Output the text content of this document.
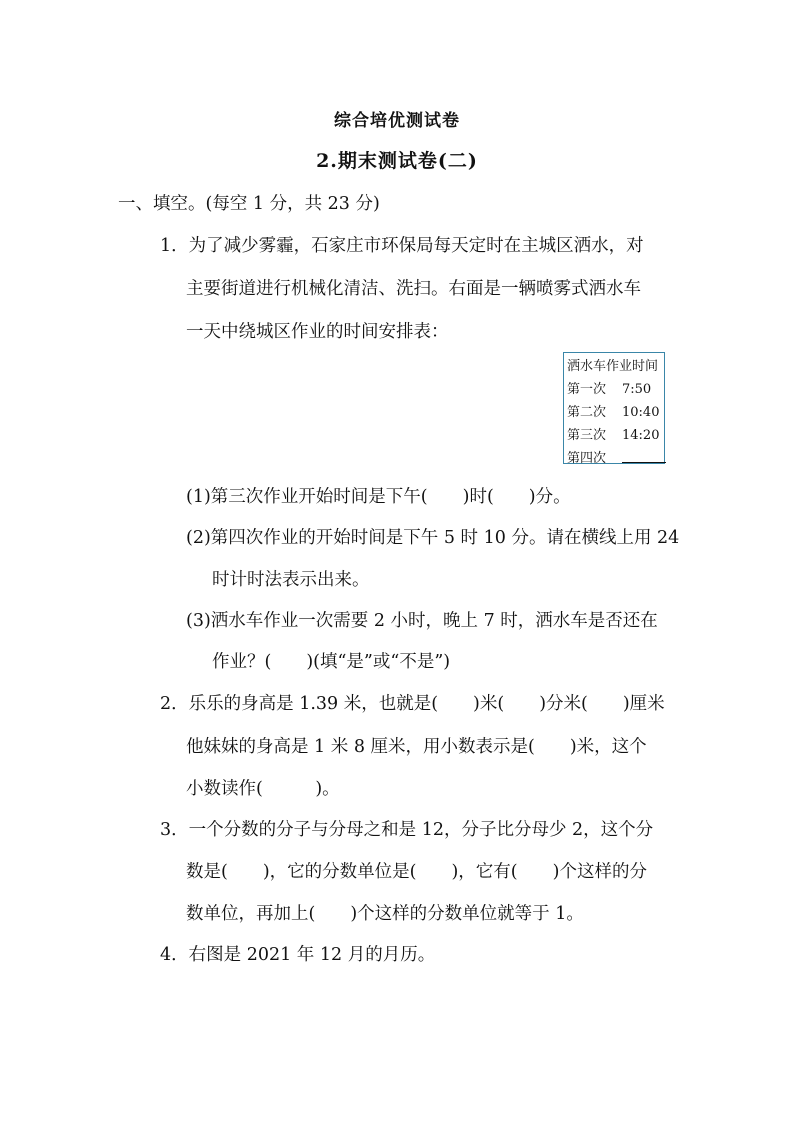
综合培优测试卷
2.期末测试卷(二)
一、填空。(每空 1 分，共 23 分)
1．为了减少雾霾，石家庄市环保局每天定时在主城区洒水，对
主要街道进行机械化清洁、洗扫。右面是一辆喷雾式洒水车
一天中绕城区作业的时间安排表：
洒水车作业时间
第一次 7:50
第二次 10:40
第三次 14:20
第四次
(1)第三次作业开始时间是下午(　　)时(　　)分。
(2)第四次作业的开始时间是下午 5 时 10 分。请在横线上用 24
时计时法表示出来。
(3)洒水车作业一次需要 2 小时，晚上 7 时，洒水车是否还在
作业？(　　)(填“是”或“不是”)
2．乐乐的身高是 1.39 米，也就是(　　)米(　　)分米(　　)厘米
他妹妹的身高是 1 米 8 厘米，用小数表示是(　　)米，这个
小数读作(　　　)。
3．一个分数的分子与分母之和是 12，分子比分母少 2，这个分
数是(　　)，它的分数单位是(　　)，它有(　　)个这样的分
数单位，再加上(　　)个这样的分数单位就等于 1。
4．右图是 2021 年 12 月的月历。
